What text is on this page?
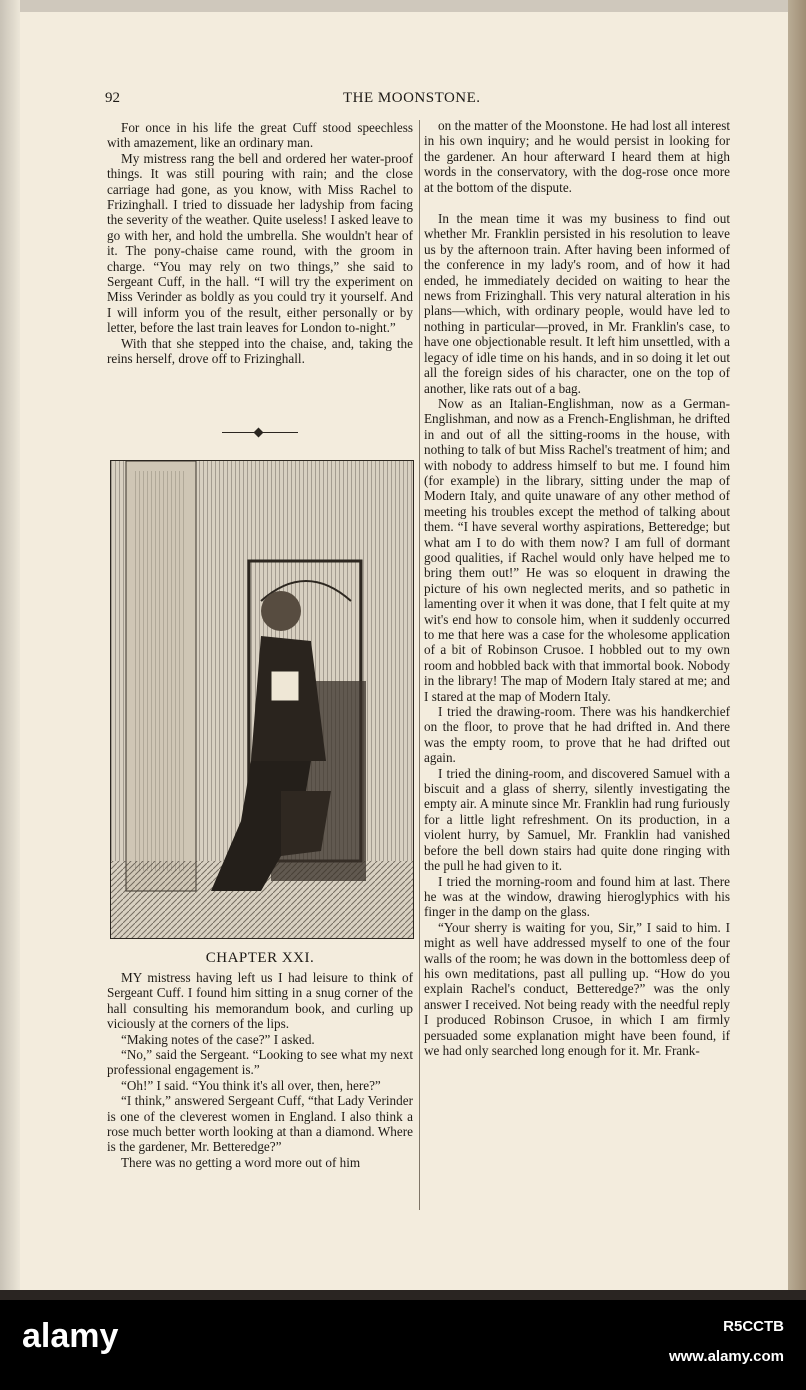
92	THE MOONSTONE.

For once in his life the great Cuff stood speechless with amazement, like an ordinary man.

My mistress rang the bell and ordered her water-proof things. It was still pouring with rain; and the close carriage had gone, as you know, with Miss Rachel to Frizinghall. I tried to dissuade her ladyship from facing the severity of the weather. Quite useless! I asked leave to go with her, and hold the umbrella. She wouldn't hear of it. The pony-chaise came round, with the groom in charge. “You may rely on two things,” she said to Sergeant Cuff, in the hall. “I will try the experiment on Miss Verinder as boldly as you could try it yourself. And I will inform you of the result, either personally or by letter, before the last train leaves for London to-night.”

With that she stepped into the chaise, and, taking the reins herself, drove off to Frizinghall.

CHAPTER XXI.

MY mistress having left us I had leisure to think of Sergeant Cuff. I found him sitting in a snug corner of the hall consulting his memorandum book, and curling up viciously at the corners of the lips.

“Making notes of the case?” I asked.

“No,” said the Sergeant. “Looking to see what my next professional engagement is.”

“Oh!” I said. “You think it's all over, then, here?”

“I think,” answered Sergeant Cuff, “that Lady Verinder is one of the cleverest women in England. I also think a rose much better worth looking at than a diamond. Where is the gardener, Mr. Betteredge?”

There was no getting a word more out of him

on the matter of the Moonstone. He had lost all interest in his own inquiry; and he would persist in looking for the gardener. An hour afterward I heard them at high words in the conservatory, with the dog-rose once more at the bottom of the dispute.

In the mean time it was my business to find out whether Mr. Franklin persisted in his resolution to leave us by the afternoon train. After having been informed of the conference in my lady's room, and of how it had ended, he immediately decided on waiting to hear the news from Frizinghall. This very natural alteration in his plans—which, with ordinary people, would have led to nothing in particular—proved, in Mr. Franklin's case, to have one objectionable result. It left him unsettled, with a legacy of idle time on his hands, and in so doing it let out all the foreign sides of his character, one on the top of another, like rats out of a bag.

Now as an Italian-Englishman, now as a German-Englishman, and now as a French-Englishman, he drifted in and out of all the sitting-rooms in the house, with nothing to talk of but Miss Rachel's treatment of him; and with nobody to address himself to but me. I found him (for example) in the library, sitting under the map of Modern Italy, and quite unaware of any other method of meeting his troubles except the method of talking about them. “I have several worthy aspirations, Betteredge; but what am I to do with them now? I am full of dormant good qualities, if Rachel would only have helped me to bring them out!” He was so eloquent in drawing the picture of his own neglected merits, and so pathetic in lamenting over it when it was done, that I felt quite at my wit's end how to console him, when it suddenly occurred to me that here was a case for the wholesome application of a bit of Robinson Crusoe. I hobbled out to my own room and hobbled back with that immortal book. Nobody in the library! The map of Modern Italy stared at me; and I stared at the map of Modern Italy.

I tried the drawing-room. There was his handkerchief on the floor, to prove that he had drifted in. And there was the empty room, to prove that he had drifted out again.

I tried the dining-room, and discovered Samuel with a biscuit and a glass of sherry, silently investigating the empty air. A minute since Mr. Franklin had rung furiously for a little light refreshment. On its production, in a violent hurry, by Samuel, Mr. Franklin had vanished before the bell down stairs had quite done ringing with the pull he had given to it.

I tried the morning-room and found him at last. There he was at the window, drawing hieroglyphics with his finger in the damp on the glass.

“Your sherry is waiting for you, Sir,” I said to him. I might as well have addressed myself to one of the four walls of the room; he was down in the bottomless deep of his own meditations, past all pulling up. “How do you explain Rachel's conduct, Betteredge?” was the only answer I received. Not being ready with the needful reply I produced Robinson Crusoe, in which I am firmly persuaded some explanation might have been found, if we had only searched long enough for it. Mr. Frank-

alamy	R5CCTB
www.alamy.com
